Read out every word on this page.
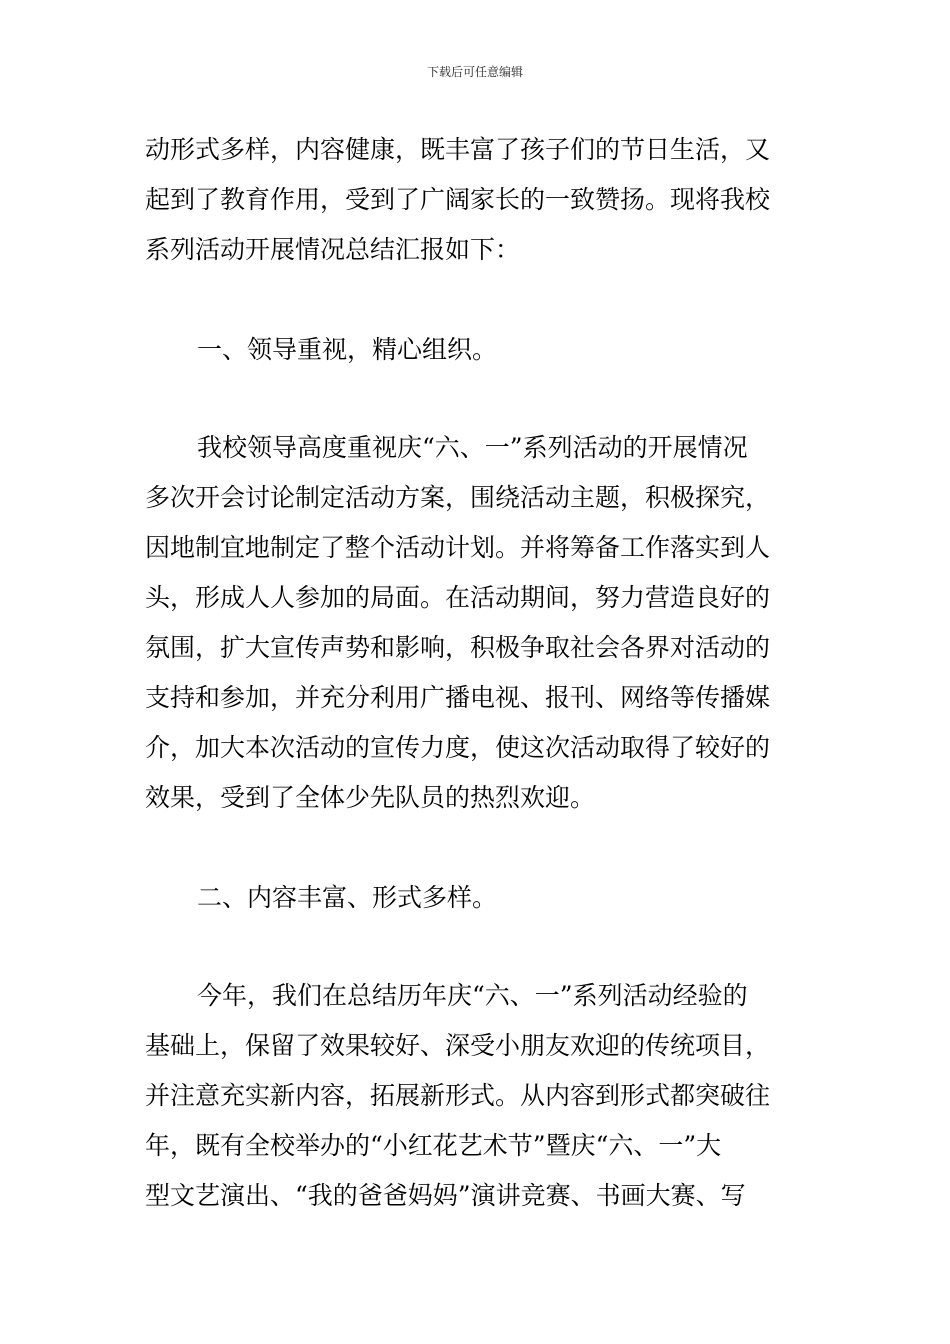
下载后可任意编辑
动形式多样，内容健康，既丰富了孩子们的节日生活，又
起到了教育作用，受到了广阔家长的一致赞扬。现将我校
系列活动开展情况总结汇报如下：
一、领导重视，精心组织。
我校领导高度重视庆“六、一”系列活动的开展情况
多次开会讨论制定活动方案，围绕活动主题，积极探究，
因地制宜地制定了整个活动计划。并将筹备工作落实到人
头，形成人人参加的局面。在活动期间，努力营造良好的
氛围，扩大宣传声势和影响，积极争取社会各界对活动的
支持和参加，并充分利用广播电视、报刊、网络等传播媒
介，加大本次活动的宣传力度，使这次活动取得了较好的
效果，受到了全体少先队员的热烈欢迎。
二、内容丰富、形式多样。
今年，我们在总结历年庆“六、一”系列活动经验的
基础上，保留了效果较好、深受小朋友欢迎的传统项目，
并注意充实新内容，拓展新形式。从内容到形式都突破往
年，既有全校举办的“小红花艺术节”暨庆“六、一”大
型文艺演出、“我的爸爸妈妈”演讲竞赛、书画大赛、写
